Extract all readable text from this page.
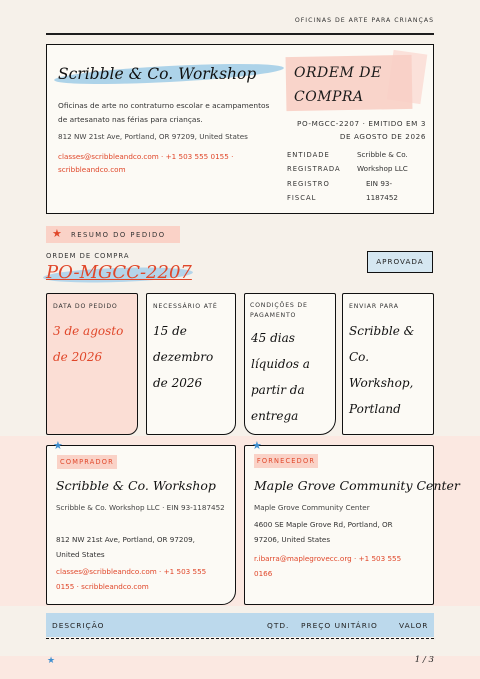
OFICINAS DE ARTE PARA CRIANÇAS
Scribble & Co. Workshop
Oficinas de arte no contraturno escolar e acampamentos de artesanato nas férias para crianças.
812 NW 21st Ave, Portland, OR 97209, United States
classes@scribbleandco.com · +1 503 555 0155 · scribbleandco.com
ORDEM DE COMPRA
PO-MGCC-2207 · EMITIDO EM 3 DE AGOSTO DE 2026
ENTIDADE REGISTRADA
Scribble & Co. Workshop LLC
REGISTRO FISCAL
EIN 93-1187452
★ RESUMO DO PEDIDO
ORDEM DE COMPRA
PO-MGCC-2207
APROVADA
DATA DO PEDIDO
3 de agosto de 2026
NECESSÁRIO ATÉ
15 de dezembro de 2026
CONDIÇÕES DE PAGAMENTO
45 dias líquidos a partir da entrega
ENVIAR PARA
Scribble & Co. Workshop, Portland
★
COMPRADOR
Scribble & Co. Workshop
Scribble & Co. Workshop LLC · EIN 93-1187452
812 NW 21st Ave, Portland, OR 97209, United States
classes@scribbleandco.com · +1 503 555 0155 · scribbleandco.com
★
FORNECEDOR
Maple Grove Community Center
Maple Grove Community Center
4600 SE Maple Grove Rd, Portland, OR 97206, United States
r.ibarra@maplegrovecc.org · +1 503 555 0166
DESCRIÇÃO	QTD. PREÇO UNITÁRIO	VALOR
★	1 / 3
